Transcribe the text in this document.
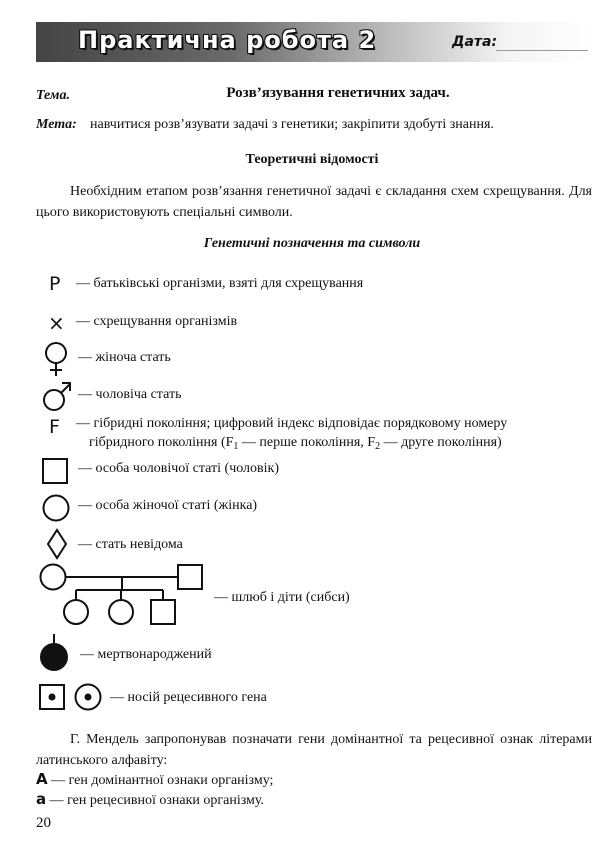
Практична робота 2	Дата:
Тема.	Розв’язування генетичних задач.
Мета: навчитися розв’язувати задачі з генетики; закріпити здобуті знання.
Теоретичні відомості
Необхідним етапом розв’язання генетичної задачі є складання схем схрещування. Для цього використовують спеціальні символи.
Генетичні позначення та символи
P — батьківські організми, взяті для схрещування
× — схрещування організмів
— жіноча стать
— чоловіча стать
F — гібридні покоління; цифровий індекс відповідає порядковому номеру
гібридного покоління ($F_1$ — перше покоління, $F_2$ — друге покоління)
— особа чоловічої статі (чоловік)
— особа жіночої статі (жінка)
— стать невідома
— шлюб і діти (сибси)
— мертвонароджений
— носій рецесивного гена
Г. Мендель запропонував позначати гени домінантної та рецесивної ознак літерами латинського алфавіту:
A — ген домінантної ознаки організму;
a — ген рецесивної ознаки організму.
20
